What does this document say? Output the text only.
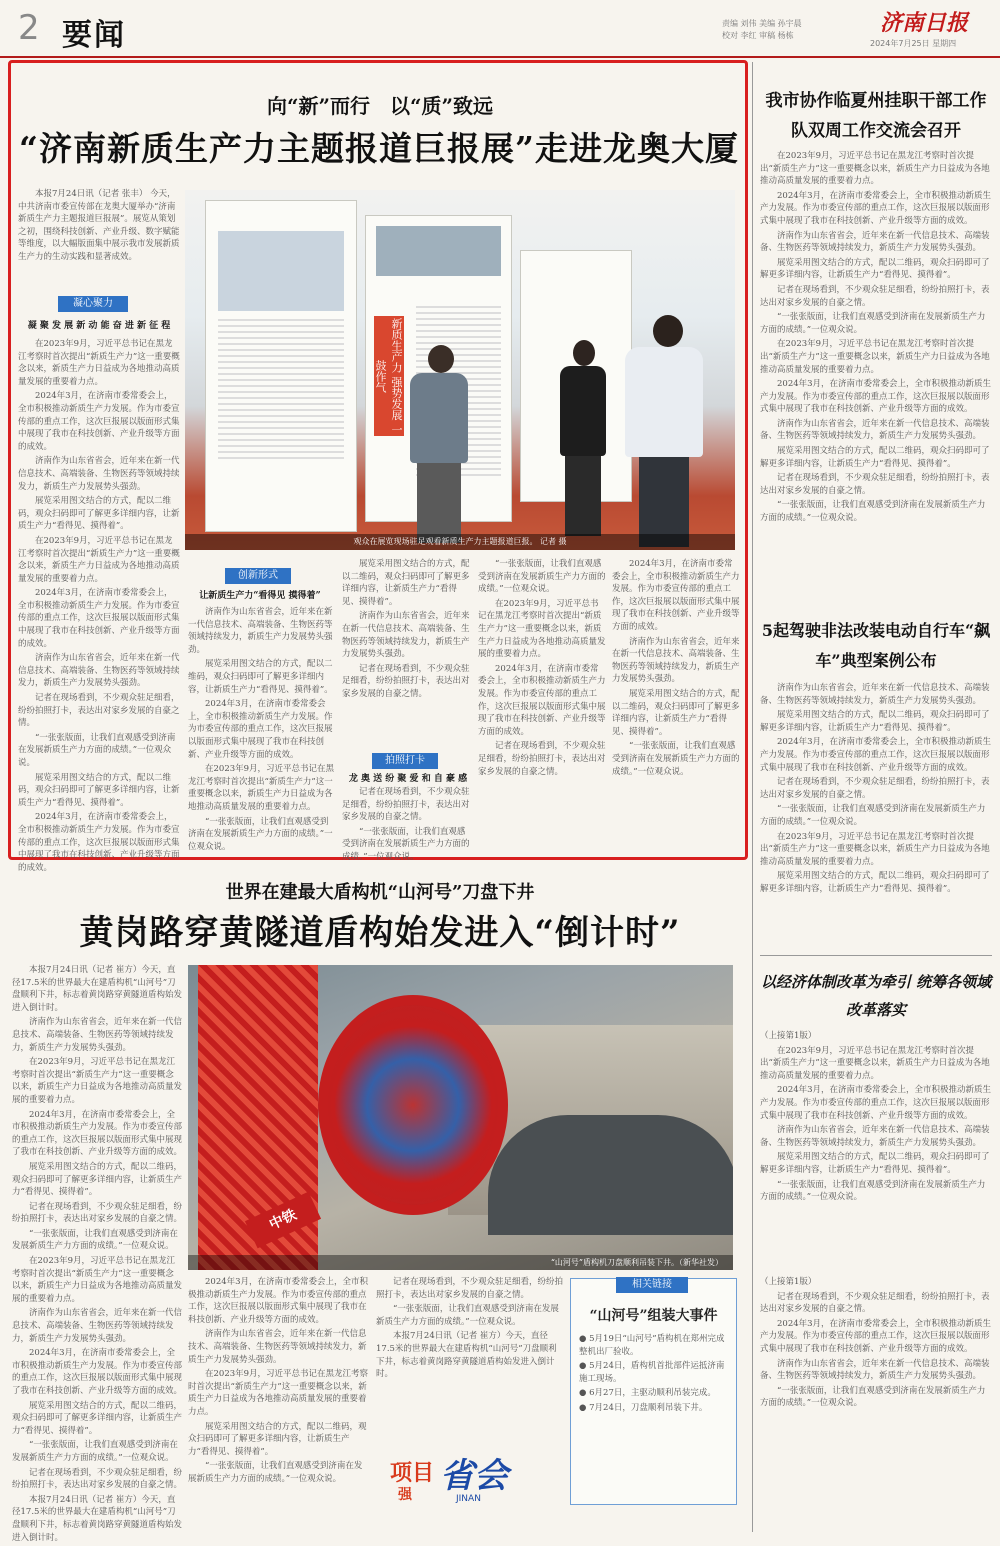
2 要闻	责编 刘伟 美编 孙宇晨
校对 李红 审稿 杨栋	济南日报
2024年7月25日 星期四
向“新”而行　以“质”致远
“济南新质生产力主题报道巨报展”走进龙奥大厦

本报7月24日讯（记者 张丰） 今天，中共济南市委宣传部在龙奥大厦举办“济南新质生产力主题报道巨报展”。展览从策划之初，围绕科技创新、产业升级、数字赋能等维度，以大幅版面集中展示我市发展新质生产力的生动实践和显著成效。

凝心聚力
凝 聚 发 展 新 动 能 奋 进 新 征 程

在2023年9月，习近平总书记在黑龙江考察时首次提出“新质生产力”这一重要概念以来，新质生产力日益成为各地推动高质量发展的重要着力点。

2024年3月，在济南市委常委会上，全市积极推动新质生产力发展。作为市委宣传部的重点工作，这次巨报展以版面形式集中展现了我市在科技创新、产业升级等方面的成效。

济南作为山东省省会，近年来在新一代信息技术、高端装备、生物医药等领域持续发力，新质生产力发展势头强劲。

展览采用图文结合的方式，配以二维码，观众扫码即可了解更多详细内容，让新质生产力“看得见、摸得着”。

在2023年9月，习近平总书记在黑龙江考察时首次提出“新质生产力”这一重要概念以来，新质生产力日益成为各地推动高质量发展的重要着力点。

2024年3月，在济南市委常委会上，全市积极推动新质生产力发展。作为市委宣传部的重点工作，这次巨报展以版面形式集中展现了我市在科技创新、产业升级等方面的成效。

济南作为山东省省会，近年来在新一代信息技术、高端装备、生物医药等领域持续发力，新质生产力发展势头强劲。

记者在现场看到，不少观众驻足细看，纷纷拍照打卡，表达出对家乡发展的自豪之情。

“一张张版面，让我们直观感受到济南在发展新质生产力方面的成绩。”一位观众说。

展览采用图文结合的方式，配以二维码，观众扫码即可了解更多详细内容，让新质生产力“看得见、摸得着”。

2024年3月，在济南市委常委会上，全市积极推动新质生产力发展。作为市委宣传部的重点工作，这次巨报展以版面形式集中展现了我市在科技创新、产业升级等方面的成效。

新质生产力 强势发展 一鼓作气
观众在展览现场驻足观看新质生产力主题报道巨报。 记者 摄
创新形式
让新质生产力“看得见 摸得着”

济南作为山东省省会，近年来在新一代信息技术、高端装备、生物医药等领域持续发力，新质生产力发展势头强劲。

展览采用图文结合的方式，配以二维码，观众扫码即可了解更多详细内容，让新质生产力“看得见、摸得着”。

2024年3月，在济南市委常委会上，全市积极推动新质生产力发展。作为市委宣传部的重点工作，这次巨报展以版面形式集中展现了我市在科技创新、产业升级等方面的成效。

在2023年9月，习近平总书记在黑龙江考察时首次提出“新质生产力”这一重要概念以来，新质生产力日益成为各地推动高质量发展的重要着力点。

“一张张版面，让我们直观感受到济南在发展新质生产力方面的成绩。”一位观众说。

展览采用图文结合的方式，配以二维码，观众扫码即可了解更多详细内容，让新质生产力“看得见、摸得着”。

济南作为山东省省会，近年来在新一代信息技术、高端装备、生物医药等领域持续发力，新质生产力发展势头强劲。

记者在现场看到，不少观众驻足细看，纷纷拍照打卡，表达出对家乡发展的自豪之情。

拍照打卡
龙 奥 送 纷 聚 爱 和 自 豪 感

记者在现场看到，不少观众驻足细看，纷纷拍照打卡，表达出对家乡发展的自豪之情。

“一张张版面，让我们直观感受到济南在发展新质生产力方面的成绩。”一位观众说。

“一张张版面，让我们直观感受到济南在发展新质生产力方面的成绩。”一位观众说。

在2023年9月，习近平总书记在黑龙江考察时首次提出“新质生产力”这一重要概念以来，新质生产力日益成为各地推动高质量发展的重要着力点。

2024年3月，在济南市委常委会上，全市积极推动新质生产力发展。作为市委宣传部的重点工作，这次巨报展以版面形式集中展现了我市在科技创新、产业升级等方面的成效。

记者在现场看到，不少观众驻足细看，纷纷拍照打卡，表达出对家乡发展的自豪之情。

2024年3月，在济南市委常委会上，全市积极推动新质生产力发展。作为市委宣传部的重点工作，这次巨报展以版面形式集中展现了我市在科技创新、产业升级等方面的成效。

济南作为山东省省会，近年来在新一代信息技术、高端装备、生物医药等领域持续发力，新质生产力发展势头强劲。

展览采用图文结合的方式，配以二维码，观众扫码即可了解更多详细内容，让新质生产力“看得见、摸得着”。

“一张张版面，让我们直观感受到济南在发展新质生产力方面的成绩。”一位观众说。

世界在建最大盾构机“山河号”刀盘下井
黄岗路穿黄隧道盾构始发进入“倒计时”

本报7月24日讯（记者 崔方）今天，直径17.5米的世界最大在建盾构机“山河号”刀盘顺利下井，标志着黄岗路穿黄隧道盾构始发进入倒计时。

济南作为山东省省会，近年来在新一代信息技术、高端装备、生物医药等领域持续发力，新质生产力发展势头强劲。

在2023年9月，习近平总书记在黑龙江考察时首次提出“新质生产力”这一重要概念以来，新质生产力日益成为各地推动高质量发展的重要着力点。

2024年3月，在济南市委常委会上，全市积极推动新质生产力发展。作为市委宣传部的重点工作，这次巨报展以版面形式集中展现了我市在科技创新、产业升级等方面的成效。

展览采用图文结合的方式，配以二维码，观众扫码即可了解更多详细内容，让新质生产力“看得见、摸得着”。

记者在现场看到，不少观众驻足细看，纷纷拍照打卡，表达出对家乡发展的自豪之情。

“一张张版面，让我们直观感受到济南在发展新质生产力方面的成绩。”一位观众说。

在2023年9月，习近平总书记在黑龙江考察时首次提出“新质生产力”这一重要概念以来，新质生产力日益成为各地推动高质量发展的重要着力点。

济南作为山东省省会，近年来在新一代信息技术、高端装备、生物医药等领域持续发力，新质生产力发展势头强劲。

2024年3月，在济南市委常委会上，全市积极推动新质生产力发展。作为市委宣传部的重点工作，这次巨报展以版面形式集中展现了我市在科技创新、产业升级等方面的成效。

展览采用图文结合的方式，配以二维码，观众扫码即可了解更多详细内容，让新质生产力“看得见、摸得着”。

“一张张版面，让我们直观感受到济南在发展新质生产力方面的成绩。”一位观众说。

记者在现场看到，不少观众驻足细看，纷纷拍照打卡，表达出对家乡发展的自豪之情。

本报7月24日讯（记者 崔方）今天，直径17.5米的世界最大在建盾构机“山河号”刀盘顺利下井，标志着黄岗路穿黄隧道盾构始发进入倒计时。

中铁
“山河号”盾构机刀盘顺利吊装下井。（新华社发）

2024年3月，在济南市委常委会上，全市积极推动新质生产力发展。作为市委宣传部的重点工作，这次巨报展以版面形式集中展现了我市在科技创新、产业升级等方面的成效。

济南作为山东省省会，近年来在新一代信息技术、高端装备、生物医药等领域持续发力，新质生产力发展势头强劲。

在2023年9月，习近平总书记在黑龙江考察时首次提出“新质生产力”这一重要概念以来，新质生产力日益成为各地推动高质量发展的重要着力点。

展览采用图文结合的方式，配以二维码，观众扫码即可了解更多详细内容，让新质生产力“看得见、摸得着”。

“一张张版面，让我们直观感受到济南在发展新质生产力方面的成绩。”一位观众说。

记者在现场看到，不少观众驻足细看，纷纷拍照打卡，表达出对家乡发展的自豪之情。

“一张张版面，让我们直观感受到济南在发展新质生产力方面的成绩。”一位观众说。

本报7月24日讯（记者 崔方）今天，直径17.5米的世界最大在建盾构机“山河号”刀盘顺利下井，标志着黄岗路穿黄隧道盾构始发进入倒计时。

项目
强 省会
JINAN
相关链接
“山河号”组装大事件

● 5月19日“山河号”盾构机在郑州完成整机出厂验收。

● 5月24日，盾构机首批部件运抵济南施工现场。

● 6月27日，主驱动顺利吊装完成。

● 7月24日，刀盘顺利吊装下井。

我市协作临夏州挂职干部工作队双周工作交流会召开

在2023年9月，习近平总书记在黑龙江考察时首次提出“新质生产力”这一重要概念以来，新质生产力日益成为各地推动高质量发展的重要着力点。

2024年3月，在济南市委常委会上，全市积极推动新质生产力发展。作为市委宣传部的重点工作，这次巨报展以版面形式集中展现了我市在科技创新、产业升级等方面的成效。

济南作为山东省省会，近年来在新一代信息技术、高端装备、生物医药等领域持续发力，新质生产力发展势头强劲。

展览采用图文结合的方式，配以二维码，观众扫码即可了解更多详细内容，让新质生产力“看得见、摸得着”。

记者在现场看到，不少观众驻足细看，纷纷拍照打卡，表达出对家乡发展的自豪之情。

“一张张版面，让我们直观感受到济南在发展新质生产力方面的成绩。”一位观众说。

在2023年9月，习近平总书记在黑龙江考察时首次提出“新质生产力”这一重要概念以来，新质生产力日益成为各地推动高质量发展的重要着力点。

2024年3月，在济南市委常委会上，全市积极推动新质生产力发展。作为市委宣传部的重点工作，这次巨报展以版面形式集中展现了我市在科技创新、产业升级等方面的成效。

济南作为山东省省会，近年来在新一代信息技术、高端装备、生物医药等领域持续发力，新质生产力发展势头强劲。

展览采用图文结合的方式，配以二维码，观众扫码即可了解更多详细内容，让新质生产力“看得见、摸得着”。

记者在现场看到，不少观众驻足细看，纷纷拍照打卡，表达出对家乡发展的自豪之情。

“一张张版面，让我们直观感受到济南在发展新质生产力方面的成绩。”一位观众说。

5起驾驶非法改装电动自行车“飙车”典型案例公布

济南作为山东省省会，近年来在新一代信息技术、高端装备、生物医药等领域持续发力，新质生产力发展势头强劲。

展览采用图文结合的方式，配以二维码，观众扫码即可了解更多详细内容，让新质生产力“看得见、摸得着”。

2024年3月，在济南市委常委会上，全市积极推动新质生产力发展。作为市委宣传部的重点工作，这次巨报展以版面形式集中展现了我市在科技创新、产业升级等方面的成效。

记者在现场看到，不少观众驻足细看，纷纷拍照打卡，表达出对家乡发展的自豪之情。

“一张张版面，让我们直观感受到济南在发展新质生产力方面的成绩。”一位观众说。

在2023年9月，习近平总书记在黑龙江考察时首次提出“新质生产力”这一重要概念以来，新质生产力日益成为各地推动高质量发展的重要着力点。

展览采用图文结合的方式，配以二维码，观众扫码即可了解更多详细内容，让新质生产力“看得见、摸得着”。

以经济体制改革为牵引 统筹各领域改革落实

（上接第1版）

在2023年9月，习近平总书记在黑龙江考察时首次提出“新质生产力”这一重要概念以来，新质生产力日益成为各地推动高质量发展的重要着力点。

2024年3月，在济南市委常委会上，全市积极推动新质生产力发展。作为市委宣传部的重点工作，这次巨报展以版面形式集中展现了我市在科技创新、产业升级等方面的成效。

济南作为山东省省会，近年来在新一代信息技术、高端装备、生物医药等领域持续发力，新质生产力发展势头强劲。

展览采用图文结合的方式，配以二维码，观众扫码即可了解更多详细内容，让新质生产力“看得见、摸得着”。

“一张张版面，让我们直观感受到济南在发展新质生产力方面的成绩。”一位观众说。

（上接第1版）

记者在现场看到，不少观众驻足细看，纷纷拍照打卡，表达出对家乡发展的自豪之情。

2024年3月，在济南市委常委会上，全市积极推动新质生产力发展。作为市委宣传部的重点工作，这次巨报展以版面形式集中展现了我市在科技创新、产业升级等方面的成效。

济南作为山东省省会，近年来在新一代信息技术、高端装备、生物医药等领域持续发力，新质生产力发展势头强劲。

“一张张版面，让我们直观感受到济南在发展新质生产力方面的成绩。”一位观众说。
